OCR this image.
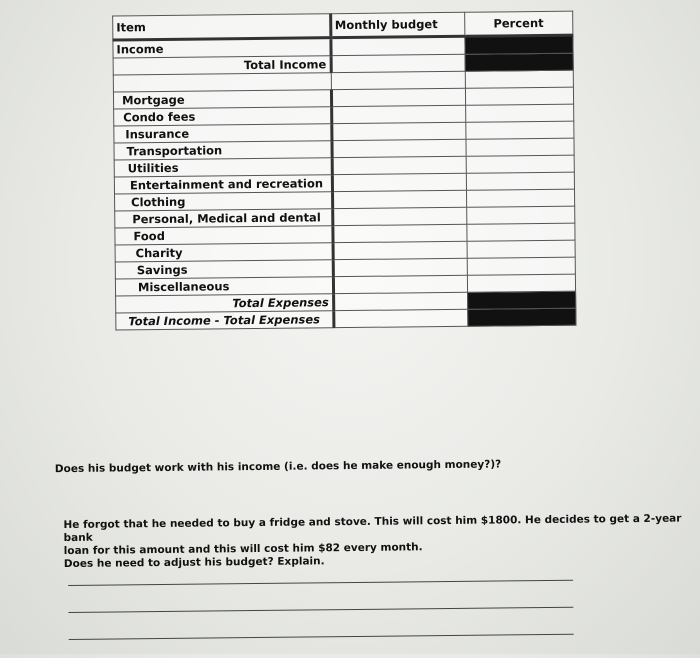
Item	Monthly budget	Percent
Income		
Total Income		

Mortgage		
Condo fees		
Insurance		
Transportation		
Utilities		
Entertainment and recreation		
Clothing		
Personal, Medical and dental		
Food		
Charity		
Savings		
Miscellaneous		
Total Expenses		
Total Income - Total Expenses		
Does his budget work with his income (i.e. does he make enough money?)?
He forgot that he needed to buy a fridge and stove. This will cost him $1800. He decides to get a 2-year bank
loan for this amount and this will cost him $82 every month.
Does he need to adjust his budget? Explain.
